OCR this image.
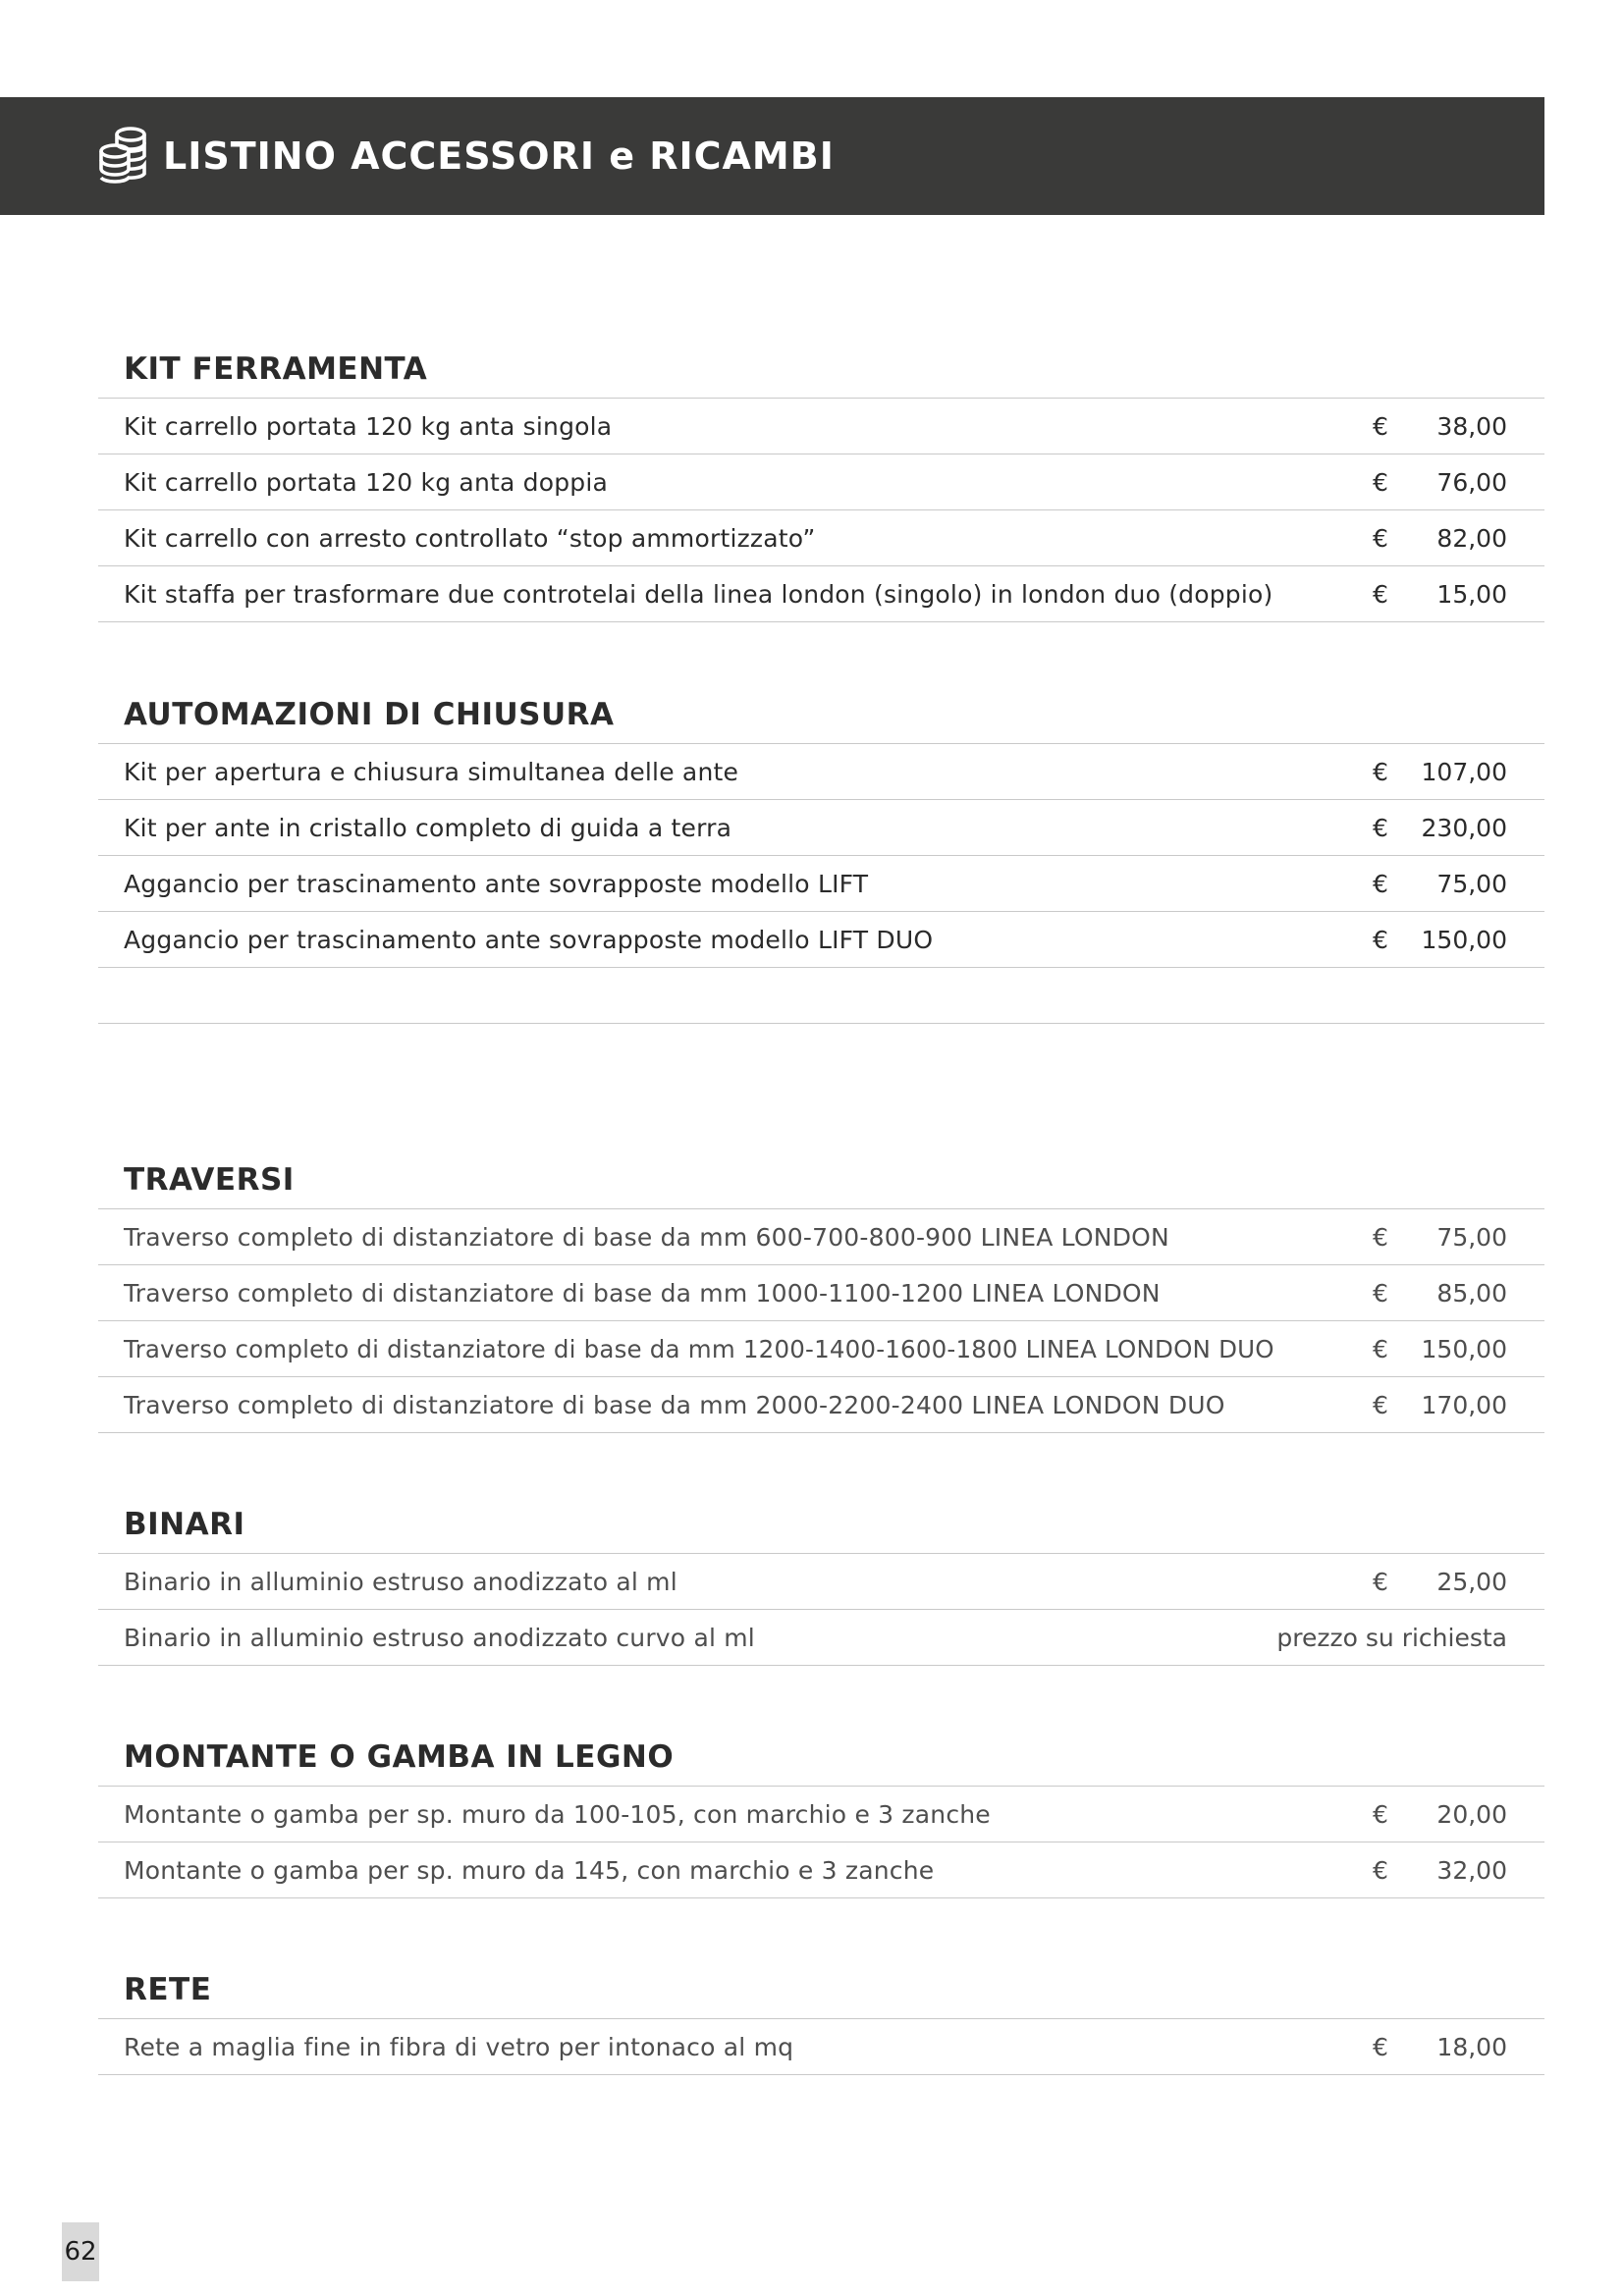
LISTINO ACCESSORI e RICAMBI
KIT FERRAMENTA
Kit carrello portata 120 kg anta singola	€ 38,00
Kit carrello portata 120 kg anta doppia	€ 76,00
Kit carrello con arresto controllato “stop ammortizzato”	€ 82,00
Kit staffa per trasformare due controtelai della linea london (singolo) in london duo (doppio)	€ 15,00
AUTOMAZIONI DI CHIUSURA
Kit per apertura e chiusura simultanea delle ante	€ 107,00
Kit per ante in cristallo completo di guida a terra	€ 230,00
Aggancio per trascinamento ante sovrapposte modello LIFT	€ 75,00
Aggancio per trascinamento ante sovrapposte modello LIFT DUO	€ 150,00
TRAVERSI
Traverso completo di distanziatore di base da mm 600-700-800-900 LINEA LONDON	€ 75,00
Traverso completo di distanziatore di base da mm 1000-1100-1200 LINEA LONDON	€ 85,00
Traverso completo di distanziatore di base da mm 1200-1400-1600-1800 LINEA LONDON DUO	€ 150,00
Traverso completo di distanziatore di base da mm 2000-2200-2400 LINEA LONDON DUO	€ 170,00
BINARI
Binario in alluminio estruso anodizzato al ml	€ 25,00
Binario in alluminio estruso anodizzato curvo al ml	prezzo su richiesta
MONTANTE O GAMBA IN LEGNO
Montante o gamba per sp. muro da 100-105, con marchio e 3 zanche	€ 20,00
Montante o gamba per sp. muro da 145, con marchio e 3 zanche	€ 32,00
RETE
Rete a maglia fine in fibra di vetro per intonaco al mq	€ 18,00
62
